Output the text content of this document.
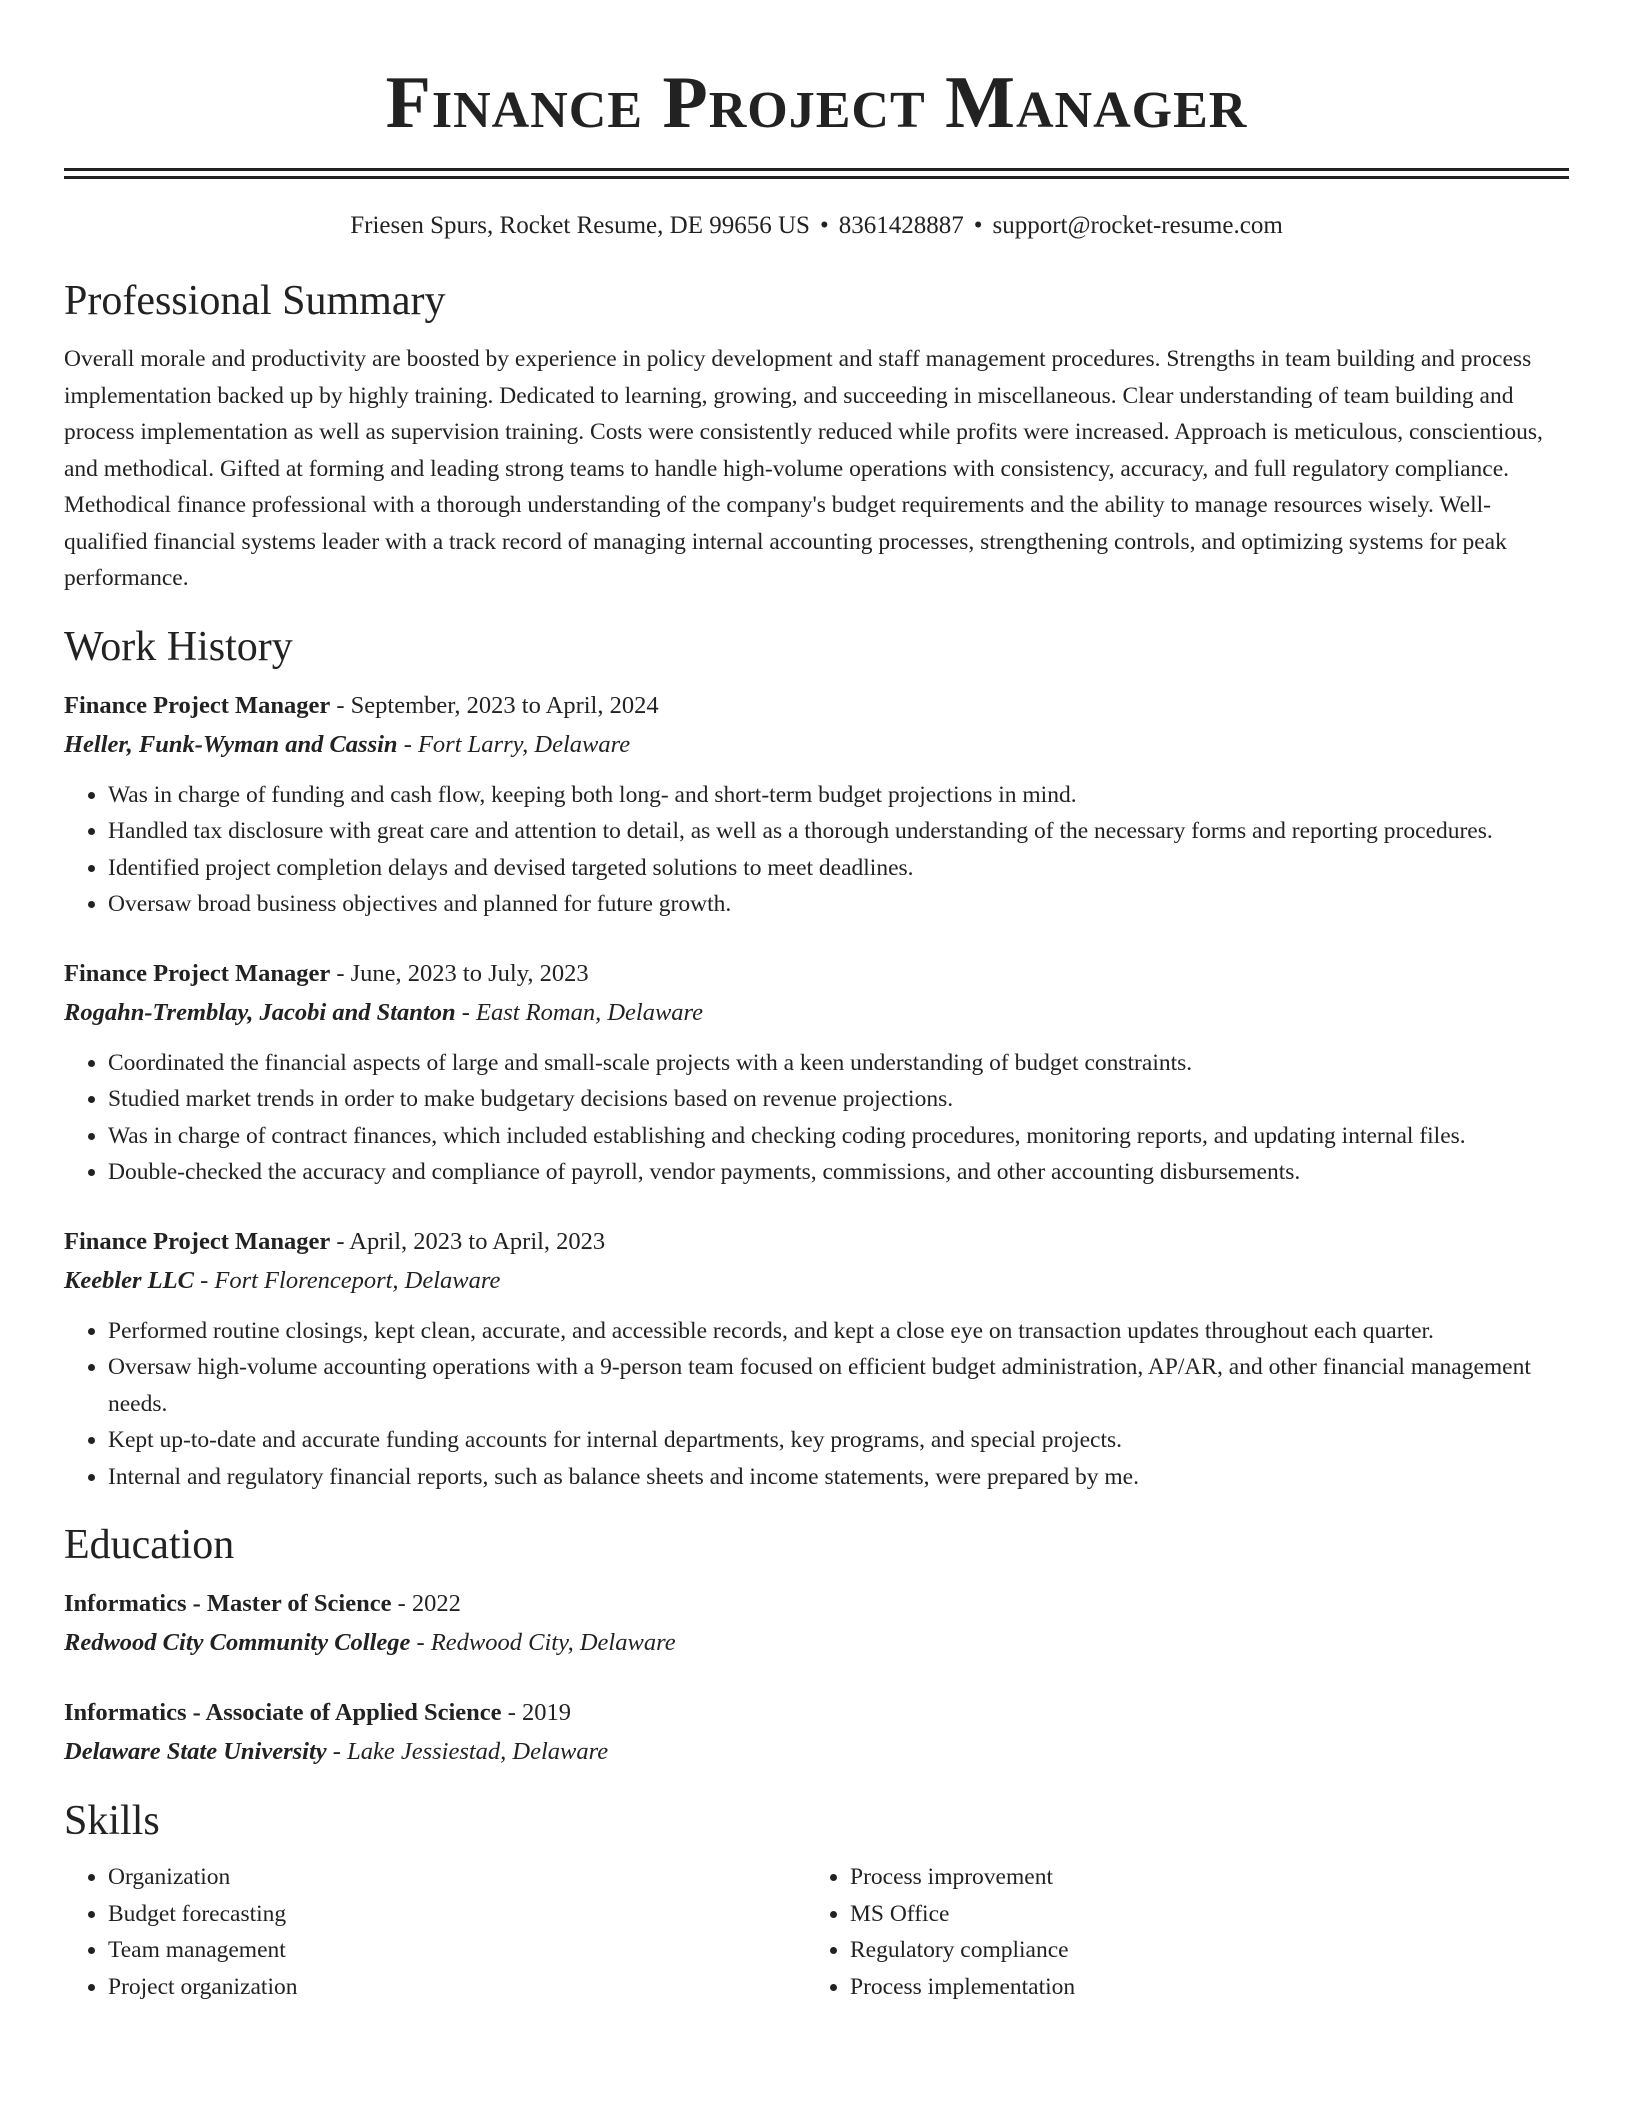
Finance Project Manager
Friesen Spurs, Rocket Resume, DE 99656 US • 8361428887 • support@rocket-resume.com
Professional Summary

Overall morale and productivity are boosted by experience in policy development and staff management procedures. Strengths in team building and process implementation backed up by highly training. Dedicated to learning, growing, and succeeding in miscellaneous. Clear understanding of team building and process implementation as well as supervision training. Costs were consistently reduced while profits were increased. Approach is meticulous, conscientious, and methodical. Gifted at forming and leading strong teams to handle high-volume operations with consistency, accuracy, and full regulatory compliance. Methodical finance professional with a thorough understanding of the company's budget requirements and the ability to manage resources wisely. Well-qualified financial systems leader with a track record of managing internal accounting processes, strengthening controls, and optimizing systems for peak performance.

Work History
Finance Project Manager - September, 2023 to April, 2024
Heller, Funk-Wyman and Cassin - Fort Larry, Delaware
• Was in charge of funding and cash flow, keeping both long- and short-term budget projections in mind.
• Handled tax disclosure with great care and attention to detail, as well as a thorough understanding of the necessary forms and reporting procedures.
• Identified project completion delays and devised targeted solutions to meet deadlines.
• Oversaw broad business objectives and planned for future growth.
Finance Project Manager - June, 2023 to July, 2023
Rogahn-Tremblay, Jacobi and Stanton - East Roman, Delaware
• Coordinated the financial aspects of large and small-scale projects with a keen understanding of budget constraints.
• Studied market trends in order to make budgetary decisions based on revenue projections.
• Was in charge of contract finances, which included establishing and checking coding procedures, monitoring reports, and updating internal files.
• Double-checked the accuracy and compliance of payroll, vendor payments, commissions, and other accounting disbursements.
Finance Project Manager - April, 2023 to April, 2023
Keebler LLC - Fort Florenceport, Delaware
• Performed routine closings, kept clean, accurate, and accessible records, and kept a close eye on transaction updates throughout each quarter.
• Oversaw high-volume accounting operations with a 9-person team focused on efficient budget administration, AP/AR, and other financial management needs.
• Kept up-to-date and accurate funding accounts for internal departments, key programs, and special projects.
• Internal and regulatory financial reports, such as balance sheets and income statements, were prepared by me.
Education
Informatics - Master of Science - 2022
Redwood City Community College - Redwood City, Delaware
Informatics - Associate of Applied Science - 2019
Delaware State University - Lake Jessiestad, Delaware
Skills
• Organization
• Budget forecasting
• Team management
• Project organization
• Process improvement
• MS Office
• Regulatory compliance
• Process implementation
